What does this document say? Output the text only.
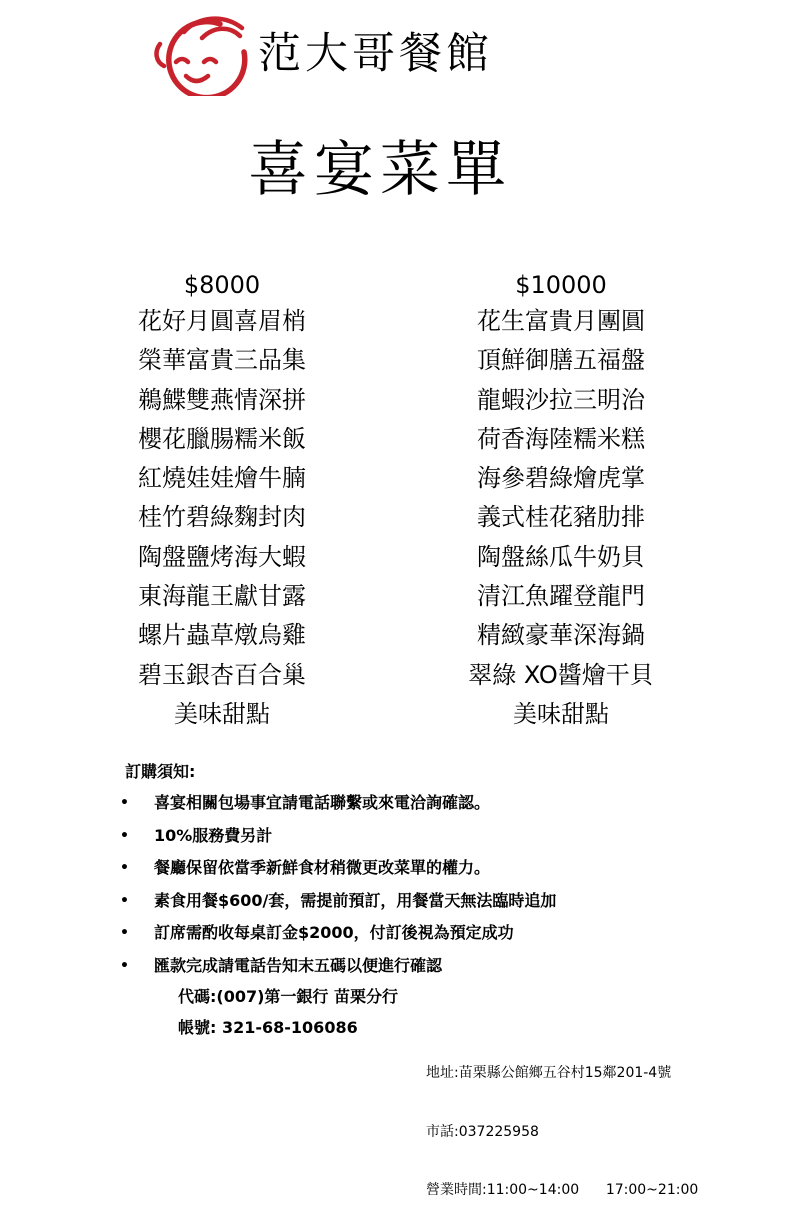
范大哥餐館
喜宴菜單
$8000
花好月圓喜眉梢
榮華富貴三品集
鵜鰈雙燕情深拼
櫻花臘腸糯米飯
紅燒娃娃燴牛腩
桂竹碧綠麴封肉
陶盤鹽烤海大蝦
東海龍王獻甘露
螺片蟲草燉烏雞
碧玉銀杏百合巢
美味甜點
$10000
花生富貴月團圓
頂鮮御膳五福盤
龍蝦沙拉三明治
荷香海陸糯米糕
海參碧綠燴虎掌
義式桂花豬肋排
陶盤絲瓜牛奶貝
清江魚躍登龍門
精緻豪華深海鍋
翠綠 XO醬燴干貝
美味甜點
訂購須知:
• 喜宴相關包場事宜請電話聯繫或來電洽詢確認。
• 10%服務費另計
• 餐廳保留依當季新鮮食材稍微更改菜單的權力。
• 素食用餐$600/套，需提前預訂，用餐當天無法臨時追加
• 訂席需酌收每桌訂金$2000，付訂後視為預定成功
• 匯款完成請電話告知末五碼以便進行確認
代碼:(007)第一銀行 苗栗分行
帳號: 321-68-106086

地址:苗栗縣公館鄉五谷村15鄰201-4號

市話:037225958

營業時間:11:00~14:00      17:00~21:00
